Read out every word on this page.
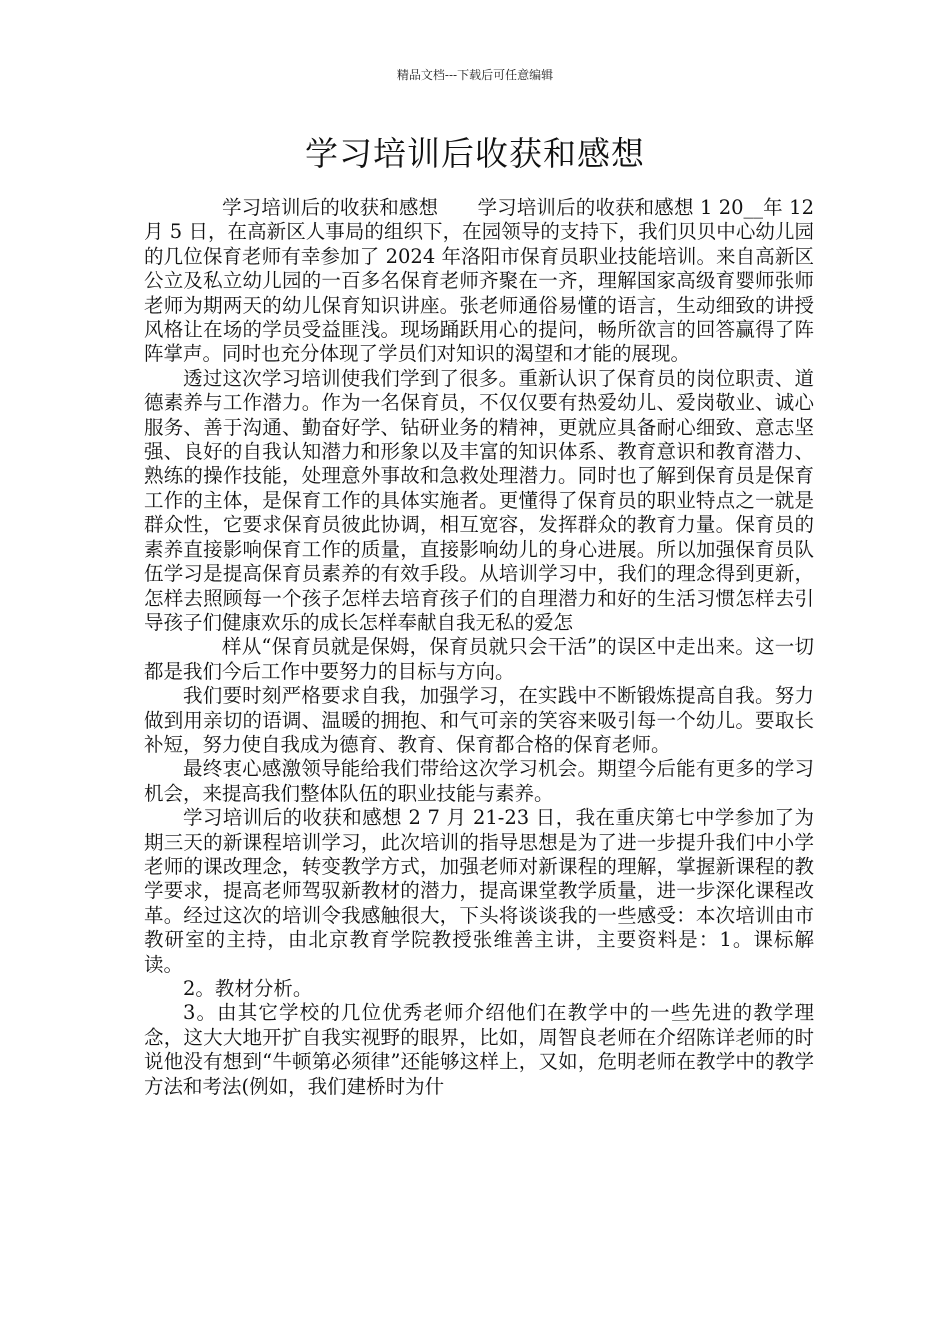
精品文档---下载后可任意编辑
学习培训后收获和感想

学习培训后的收获和感想　　学习培训后的收获和感想 1 20__年 12 月 5 日，在高新区人事局的组织下，在园领导的支持下，我们贝贝中心幼儿园的几位保育老师有幸参加了 2024 年洛阳市保育员职业技能培训。来自高新区公立及私立幼儿园的一百多名保育老师齐聚在一齐，理解国家高级育婴师张师老师为期两天的幼儿保育知识讲座。张老师通俗易懂的语言，生动细致的讲授风格让在场的学员受益匪浅。现场踊跃用心的提问，畅所欲言的回答赢得了阵阵掌声。同时也充分体现了学员们对知识的渴望和才能的展现。

透过这次学习培训使我们学到了很多。重新认识了保育员的岗位职责、道德素养与工作潜力。作为一名保育员，不仅仅要有热爱幼儿、爱岗敬业、诚心服务、善于沟通、勤奋好学、钻研业务的精神，更就应具备耐心细致、意志坚强、良好的自我认知潜力和形象以及丰富的知识体系、教育意识和教育潜力、熟练的操作技能，处理意外事故和急救处理潜力。同时也了解到保育员是保育工作的主体，是保育工作的具体实施者。更懂得了保育员的职业特点之一就是群众性，它要求保育员彼此协调，相互宽容，发挥群众的教育力量。保育员的素养直接影响保育工作的质量，直接影响幼儿的身心进展。所以加强保育员队伍学习是提高保育员素养的有效手段。从培训学习中，我们的理念得到更新，怎样去照顾每一个孩子怎样去培育孩子们的自理潜力和好的生活习惯怎样去引导孩子们健康欢乐的成长怎样奉献自我无私的爱怎

样从“保育员就是保姆，保育员就只会干活”的误区中走出来。这一切都是我们今后工作中要努力的目标与方向。

我们要时刻严格要求自我，加强学习，在实践中不断锻炼提高自我。努力做到用亲切的语调、温暖的拥抱、和气可亲的笑容来吸引每一个幼儿。要取长补短，努力使自我成为德育、教育、保育都合格的保育老师。

最终衷心感激领导能给我们带给这次学习机会。期望今后能有更多的学习机会，来提高我们整体队伍的职业技能与素养。

学习培训后的收获和感想 2 7 月 21-23 日，我在重庆第七中学参加了为期三天的新课程培训学习，此次培训的指导思想是为了进一步提升我们中小学老师的课改理念，转变教学方式，加强老师对新课程的理解，掌握新课程的教学要求，提高老师驾驭新教材的潜力，提高课堂教学质量，进一步深化课程改革。经过这次的培训令我感触很大，下头将谈谈我的一些感受：本次培训由市教研室的主持，由北京教育学院教授张维善主讲，主要资料是：1。课标解读。

2。教材分析。

3。由其它学校的几位优秀老师介绍他们在教学中的一些先进的教学理念，这大大地开扩自我实视野的眼界，比如，周智良老师在介绍陈详老师的时说他没有想到“牛顿第必须律”还能够这样上，又如，危明老师在教学中的教学方法和考法(例如，我们建桥时为什
